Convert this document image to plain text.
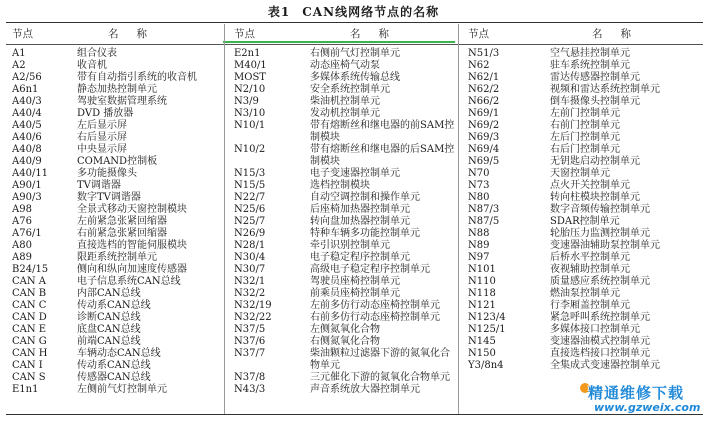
表1 CAN线网络节点的名称
节点	名称	节点	名称	节点	名称
A1	组合仪表
A2	收音机
A2/56	带有自动指引系统的收音机
A6n1	静态加热控制单元
A40/3	驾驶室数据管理系统
A40/4	DVD 播放器
A40/5	左后显示屏
A40/6	右后显示屏
A40/8	中央显示屏
A40/9	COMAND控制板
A40/11	多功能摄像头
A90/1	TV调谐器
A90/3	数字TV调谐器
A98	全景式移动天窗控制模块
A76	左前紧急张紧回缩器
A76/1	右前紧急张紧回缩器
A80	直接选档的智能伺服模块
A89	限距系统控制单元
B24/15	侧向和纵向加速度传感器
CAN A	电子信息系统CAN总线
CAN B	内部CAN总线
CAN C	传动系CAN总线
CAN D	诊断CAN总线
CAN E	底盘CAN总线
CAN G	前端CAN总线
CAN H	车辆动态CAN总线
CAN I	传动系CAN总线
CAN S	传感器CAN总线
E1n1	左侧前气灯控制单元
E2n1	右侧前气灯控制单元
M40/1	动态座椅气动泵
MOST	多媒体系统传输总线
N2/10	安全系统控制单元
N3/9	柴油机控制单元
N3/10	发动机控制单元
N10/1	带有熔断丝和继电器的前SAM控制模块
N10/2	带有熔断丝和继电器的后SAM控制模块
N15/3	电子变速器控制单元
N15/5	选档控制模块
N22/7	自动空调控制和操作单元
N25/6	后座椅加热器控制单元
N25/7	转向盘加热器控制单元
N26/9	特种车辆多功能控制单元
N28/1	牵引识别控制单元
N30/4	电子稳定程序控制单元
N30/7	高级电子稳定程序控制单元
N32/1	驾驶员座椅控制单元
N32/2	前乘员座椅控制单元
N32/19	左前多仿行动态座椅控制单元
N32/22	右前多仿行动态座椅控制单元
N37/5	左侧氮氧化合物
N37/6	右侧氮氧化合物
N37/7	柴油颗粒过滤器下游的氮氧化合物单元
N37/8	三元催化下游的氮氧化合物单元
N43/3	声音系统放大器控制单元
N51/3	空气悬挂控制单元
N62	驻车系统控制单元
N62/1	雷达传感器控制单元
N62/2	视频和雷达系统控制单元
N66/2	倒车摄像头控制单元
N69/1	左前门控制单元
N69/2	右前门控制单元
N69/3	左后门控制单元
N69/4	右后门控制单元
N69/5	无钥匙启动控制单元
N70	天窗控制单元
N73	点火开关控制单元
N80	转向柱模块控制单元
N87/3	数字音频传输控制单元
N87/5	SDAR控制单元
N88	轮胎压力监测控制单元
N89	变速器油辅助泵控制单元
N97	后桥水平控制单元
N101	夜视辅助控制单元
N110	质量感应系统控制单元
N118	燃油泵控制单元
N121	行李厢盖控制单元
N123/4	紧急呼叫系统控制单元
N125/1	多媒体接口控制单元
N145	变速器油模式控制单元
N150	直接选档接口控制单元
Y3/8n4	全集成式变速器控制单元
精通维修下载
www.gzweix.com
